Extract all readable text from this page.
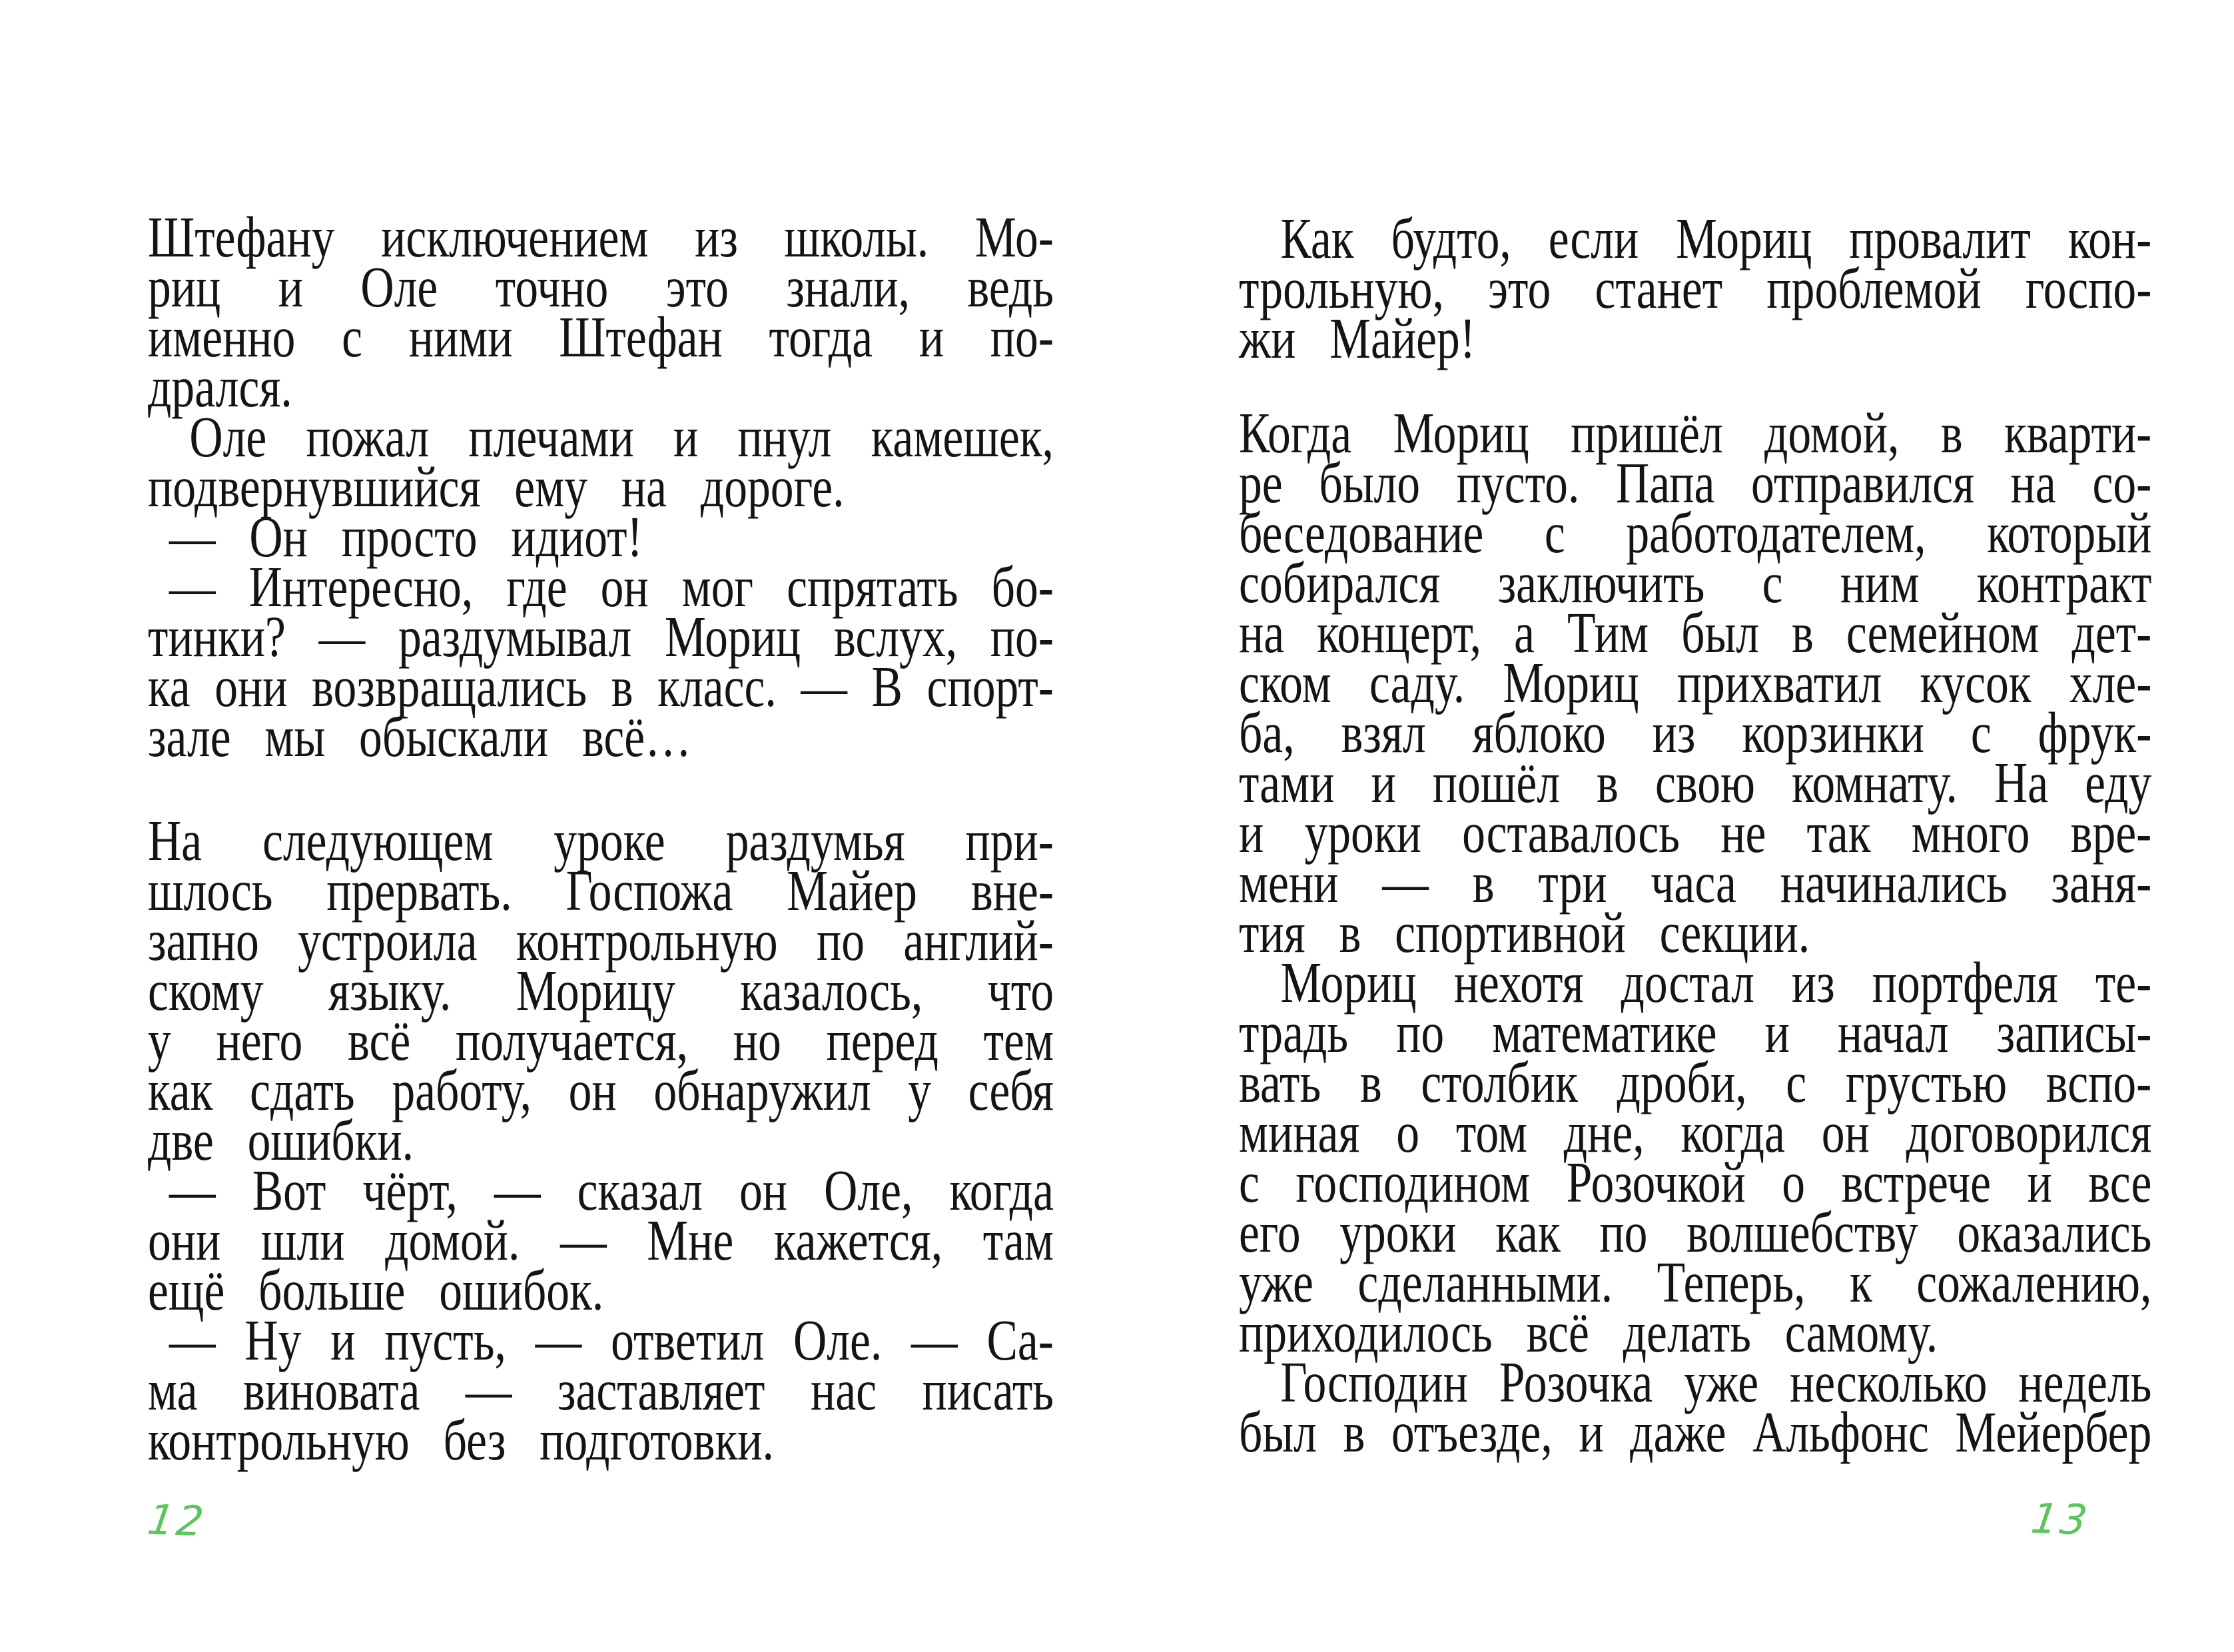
Штефану исключением из школы. Мо-
риц и Оле точно это знали, ведь
именно с ними Штефан тогда и по-
дрался.
Оле пожал плечами и пнул камешек,
подвернувшийся ему на дороге.
— Он просто идиот!
— Интересно, где он мог спрятать бо-
тинки? — раздумывал Мориц вслух, по-
ка они возвращались в класс. — В спорт-
зале мы обыскали всё…
На следующем уроке раздумья при-
шлось прервать. Госпожа Майер вне-
запно устроила контрольную по англий-
скому языку. Морицу казалось, что
у него всё получается, но перед тем
как сдать работу, он обнаружил у себя
две ошибки.
— Вот чёрт, — сказал он Оле, когда
они шли домой. — Мне кажется, там
ещё больше ошибок.
— Ну и пусть, — ответил Оле. — Са-
ма виновата — заставляет нас писать
контрольную без подготовки.
Как будто, если Мориц провалит кон-
трольную, это станет проблемой госпо-
жи Майер!
Когда Мориц пришёл домой, в кварти-
ре было пусто. Папа отправился на со-
беседование с работодателем, который
собирался заключить с ним контракт
на концерт, а Тим был в семейном дет-
ском саду. Мориц прихватил кусок хле-
ба, взял яблоко из корзинки с фрук-
тами и пошёл в свою комнату. На еду
и уроки оставалось не так много вре-
мени — в три часа начинались заня-
тия в спортивной секции.
Мориц нехотя достал из портфеля те-
традь по математике и начал записы-
вать в столбик дроби, с грустью вспо-
миная о том дне, когда он договорился
с господином Розочкой о встрече и все
его уроки как по волшебству оказались
уже сделанными. Теперь, к сожалению,
приходилось всё делать самому.
Господин Розочка уже несколько недель
был в отъезде, и даже Альфонс Мейербер
12	13
